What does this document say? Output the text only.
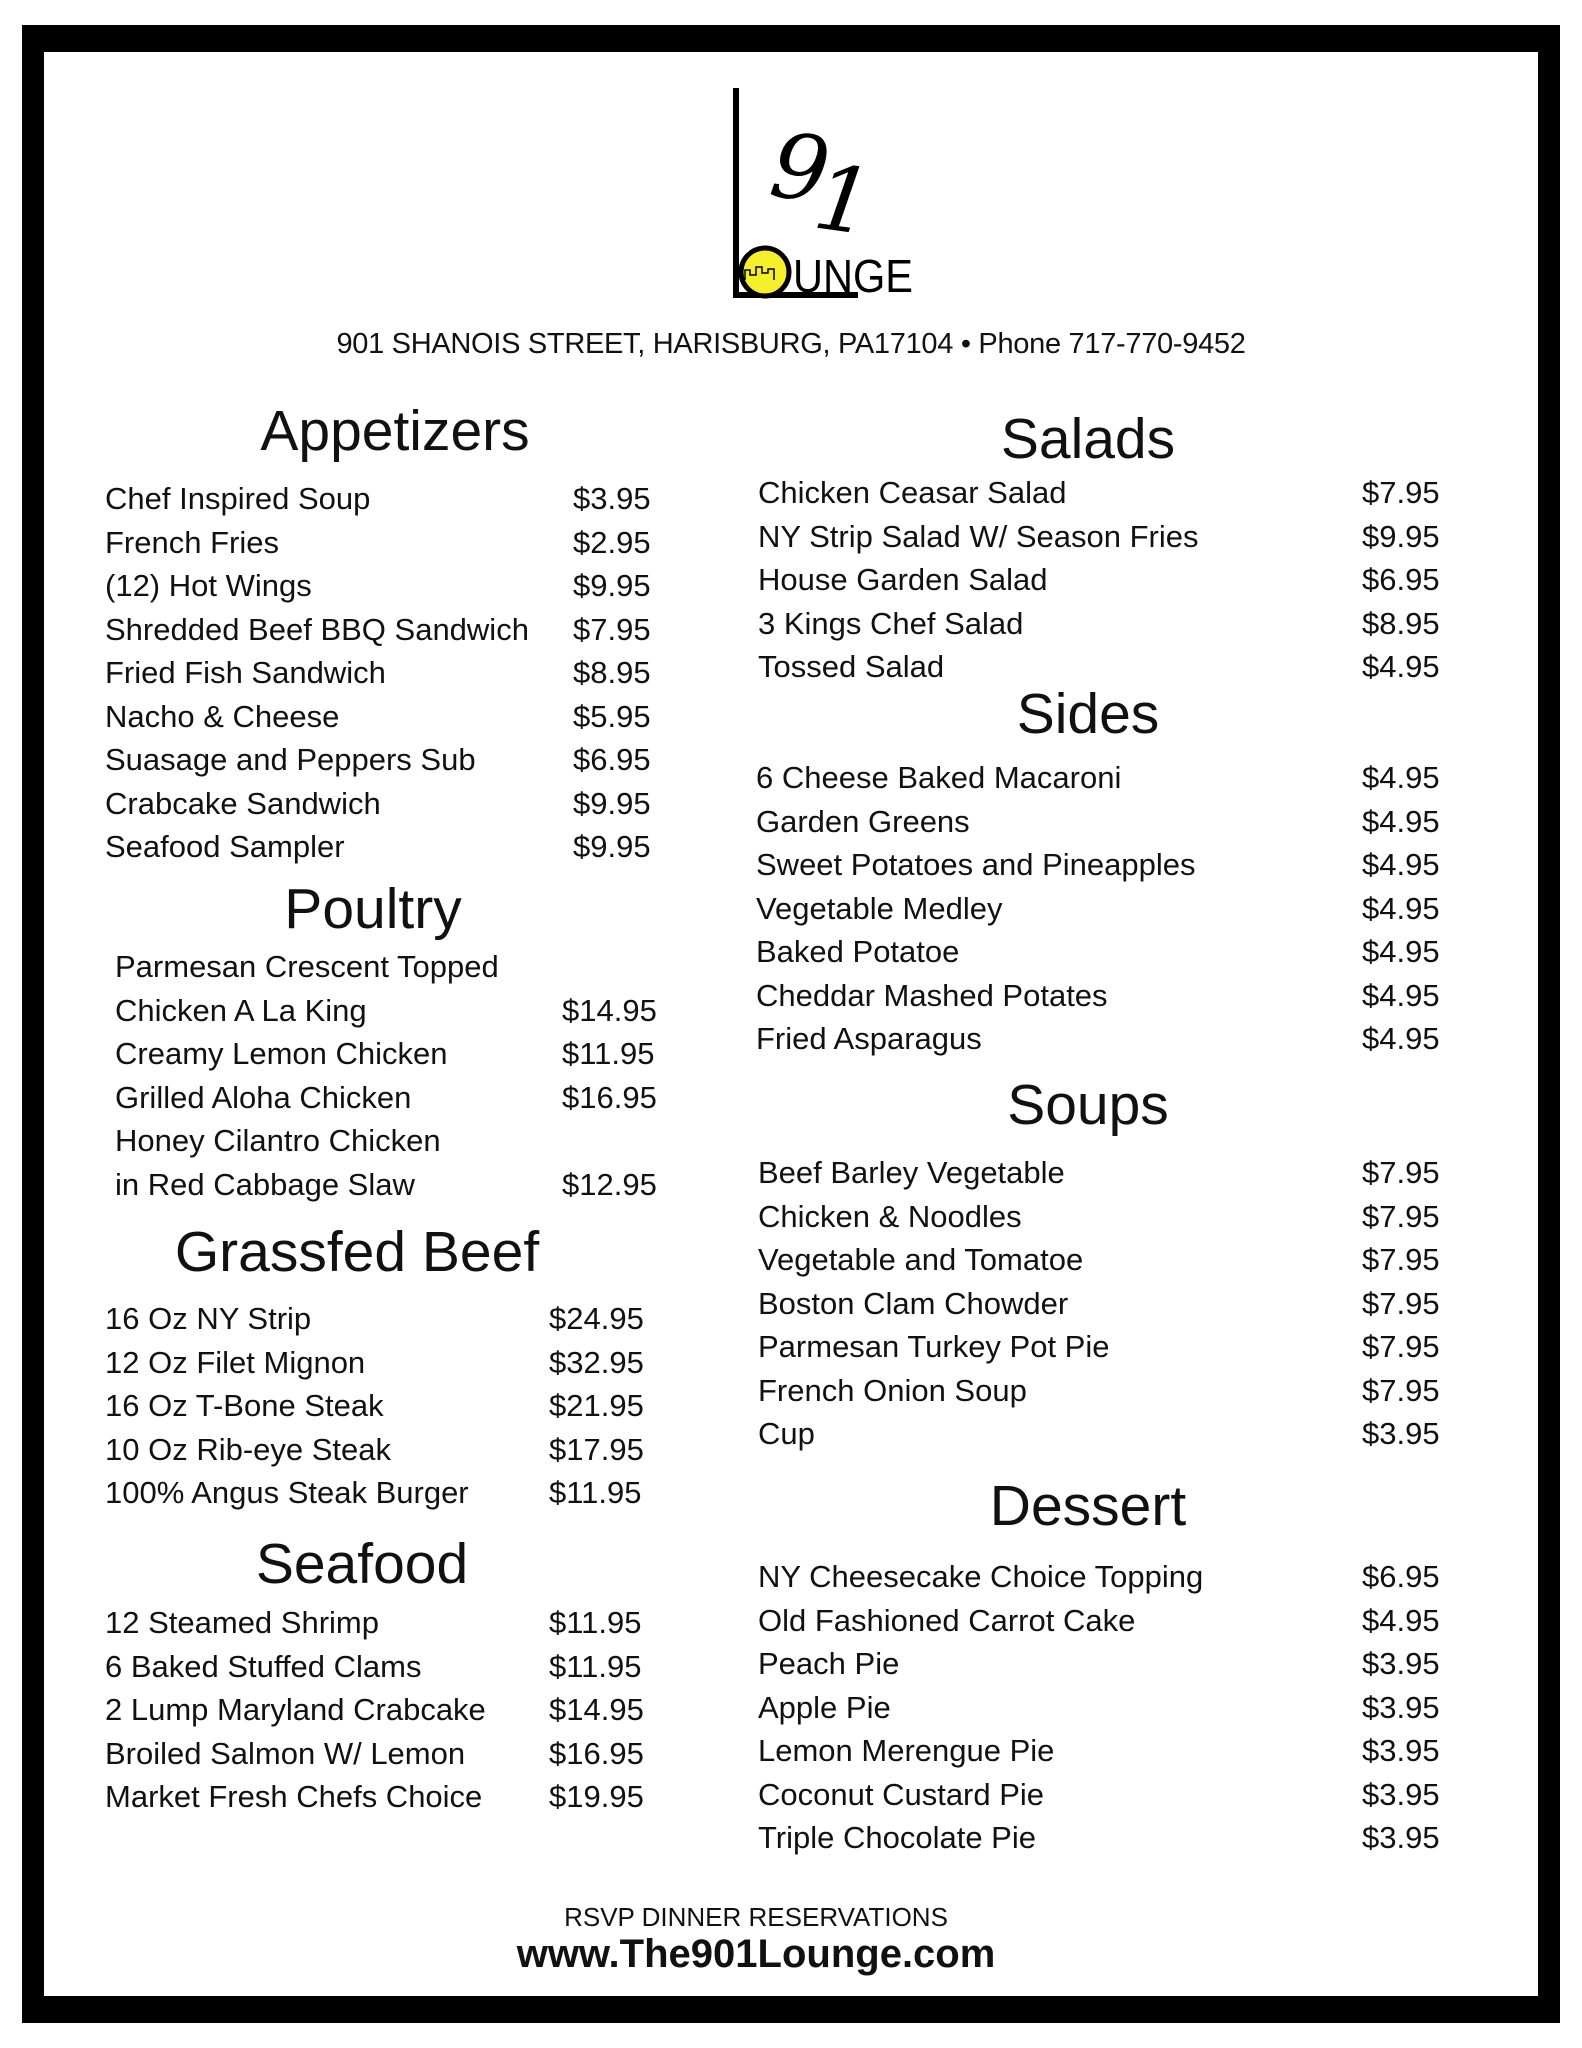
9
1
UNGE
901 SHANOIS STREET, HARISBURG, PA17104 • Phone 717-770-9452
Appetizers
Chef Inspired Soup	$3.95
French Fries	$2.95
(12) Hot Wings	$9.95
Shredded Beef BBQ Sandwich $7.95
Fried Fish Sandwich	$8.95
Nacho & Cheese	$5.95
Suasage and Peppers Sub	$6.95
Crabcake Sandwich	$9.95
Seafood Sampler	$9.95
Poultry
Parmesan Crescent Topped
Chicken A La King	$14.95
Creamy Lemon Chicken	$11.95
Grilled Aloha Chicken	$16.95
Honey Cilantro Chicken
in Red Cabbage Slaw	$12.95
Grassfed Beef
16 Oz NY Strip	$24.95
12 Oz Filet Mignon	$32.95
16 Oz T-Bone Steak	$21.95
10 Oz Rib-eye Steak	$17.95
100% Angus Steak Burger	$11.95
Seafood
12 Steamed Shrimp	$11.95
6 Baked Stuffed Clams	$11.95
2 Lump Maryland Crabcake $14.95
Broiled Salmon W/ Lemon	$16.95
Market Fresh Chefs Choice $19.95
Salads
Chicken Ceasar Salad	$7.95
NY Strip Salad W/ Season Fries	$9.95
House Garden Salad	$6.95
3 Kings Chef Salad	$8.95
Tossed Salad	$4.95
Sides
6 Cheese Baked Macaroni	$4.95
Garden Greens	$4.95
Sweet Potatoes and Pineapples	$4.95
Vegetable Medley	$4.95
Baked Potatoe	$4.95
Cheddar Mashed Potates	$4.95
Fried Asparagus	$4.95
Soups
Beef Barley Vegetable	$7.95
Chicken & Noodles	$7.95
Vegetable and Tomatoe	$7.95
Boston Clam Chowder	$7.95
Parmesan Turkey Pot Pie	$7.95
French Onion Soup	$7.95
Cup	$3.95
Dessert
NY Cheesecake Choice Topping	$6.95
Old Fashioned Carrot Cake	$4.95
Peach Pie	$3.95
Apple Pie	$3.95
Lemon Merengue Pie	$3.95
Coconut Custard Pie	$3.95
Triple Chocolate Pie	$3.95
RSVP DINNER RESERVATIONS
www.The901Lounge.com
